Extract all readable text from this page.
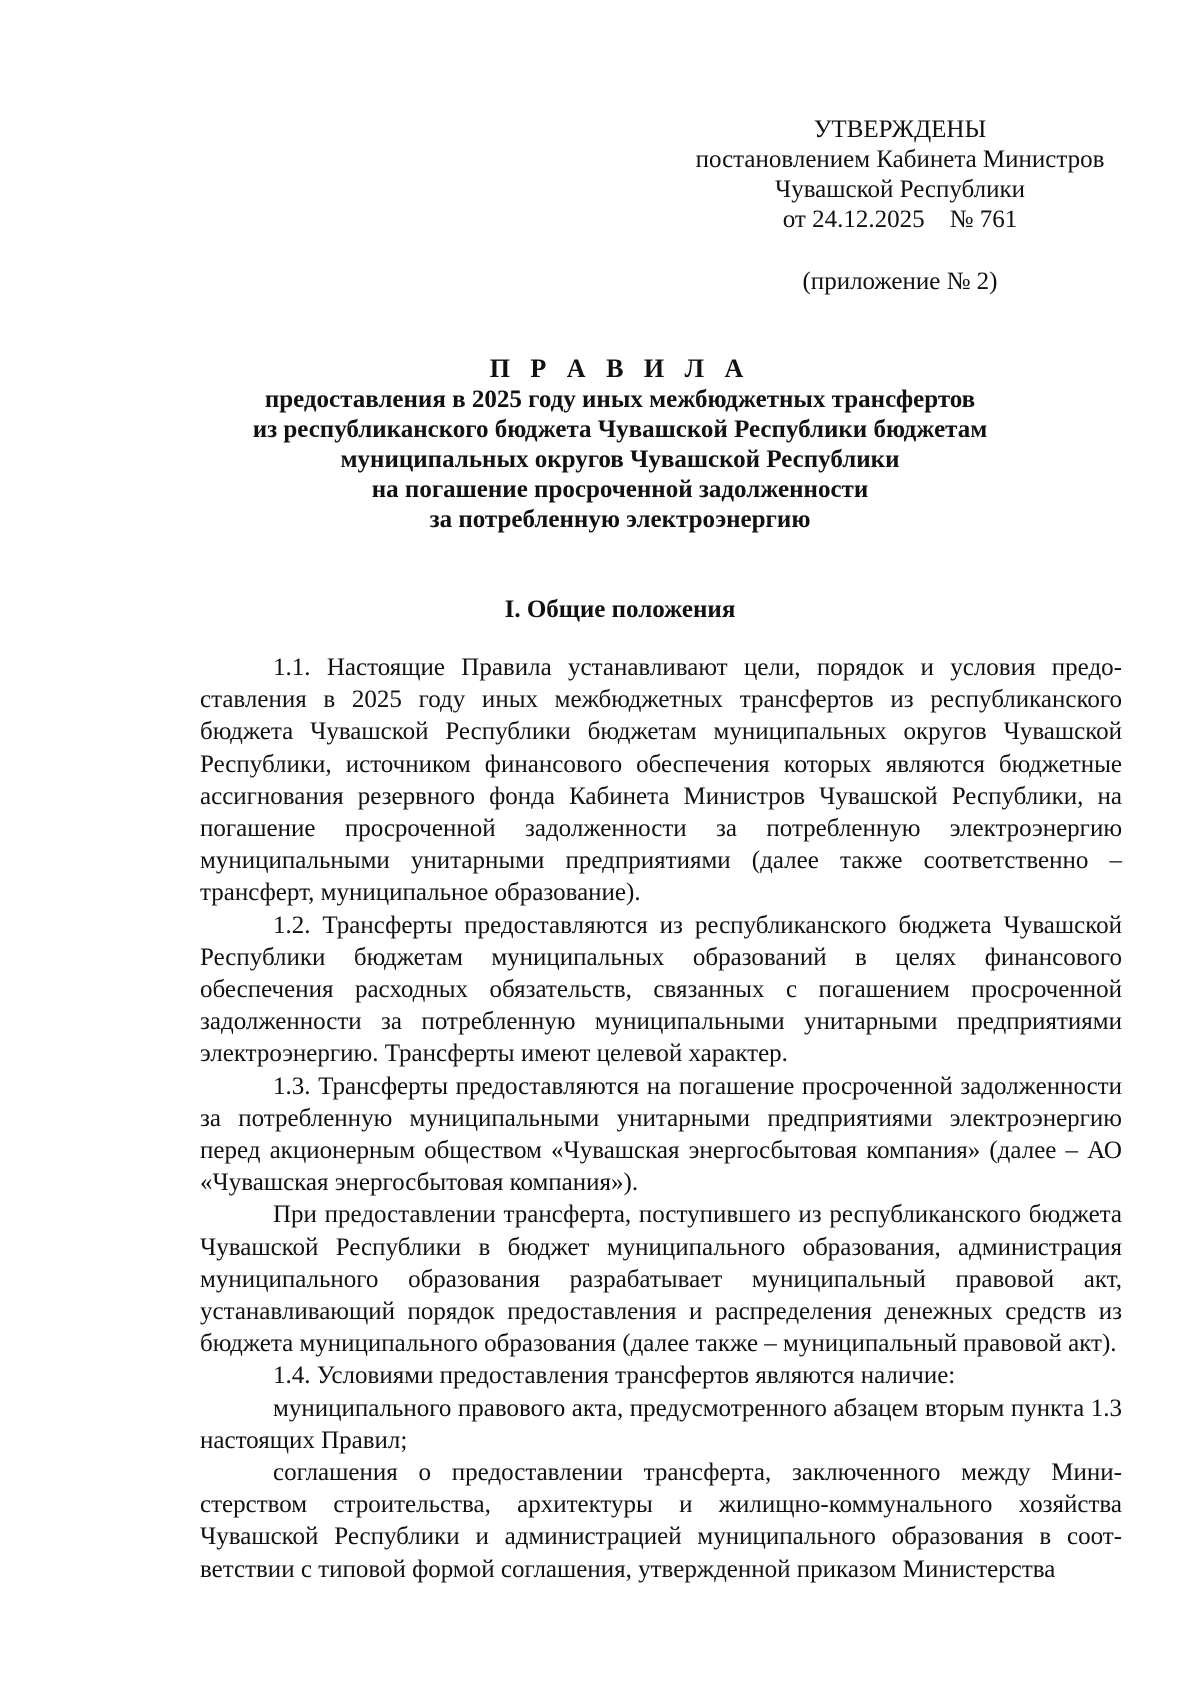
УТВЕРЖДЕНЫ
постановлением Кабинета Министров
Чувашской Республики
от 24.12.2025    № 761
(приложение № 2)
П Р А В И Л А
предоставления в 2025 году иных межбюджетных трансфертов
из республиканского бюджета Чувашской Республики бюджетам
муниципальных округов Чувашской Республики
на погашение просроченной задолженности
за потребленную электроэнергию
I. Общие положения

1.1. Настоящие Правила устанавливают цели, порядок и условия предоставления в 2025 году иных межбюджетных трансфертов из республиканского бюджета Чувашской Республики бюджетам муниципальных округов Чувашской Республики, источником финансового обеспечения которых являются бюджетные ассигнования резервного фонда Кабинета Министров Чувашской Республики, на погашение просроченной задолженности за потребленную электроэнергию муниципальными унитарными предприятиями (далее также соответственно – трансферт, муниципальное образование).

1.2. Трансферты предоставляются из республиканского бюджета Чувашской Республики бюджетам муниципальных образований в целях финансового обеспечения расходных обязательств, связанных с погашением просроченной задолженности за потребленную муниципальными унитарными предприятиями электроэнергию. Трансферты имеют целевой характер.

1.3. Трансферты предоставляются на погашение просроченной задолженности за потребленную муниципальными унитарными предприятиями электроэнергию перед акционерным обществом «Чувашская энергосбытовая компания» (далее – АО «Чувашская энергосбытовая компания»).

При предоставлении трансферта, поступившего из республиканского бюджета Чувашской Республики в бюджет муниципального образования, администрация муниципального образования разрабатывает муниципальный правовой акт, устанавливающий порядок предоставления и распределения денежных средств из бюджета муниципального образования (далее также – муниципальный правовой акт).

1.4. Условиями предоставления трансфертов являются наличие:

муниципального правового акта, предусмотренного абзацем вторым пункта 1.3 настоящих Правил;

соглашения о предоставлении трансферта, заключенного между Министерством строительства, архитектуры и жилищно-коммунального хозяйства Чувашской Республики и администрацией муниципального образования в соответствии с типовой формой соглашения, утвержденной приказом Министерства
